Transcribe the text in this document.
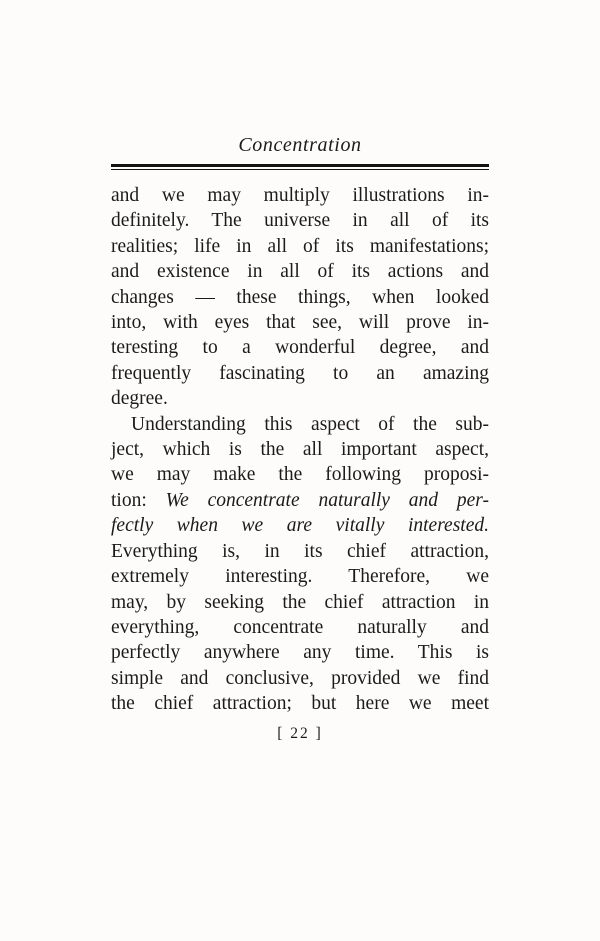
Concentration
and we may multiply illustrations in-
definitely. The universe in all of its
realities; life in all of its manifestations;
and existence in all of its actions and
changes — these things, when looked
into, with eyes that see, will prove in-
teresting to a wonderful degree, and
frequently fascinating to an amazing
degree.
Understanding this aspect of the sub-
ject, which is the all important aspect,
we may make the following proposi-
tion: We concentrate naturally and per-
fectly when we are vitally interested.
Everything is, in its chief attraction,
extremely interesting. Therefore, we
may, by seeking the chief attraction in
everything, concentrate naturally and
perfectly anywhere any time. This is
simple and conclusive, provided we find
the chief attraction; but here we meet
[ 22 ]
